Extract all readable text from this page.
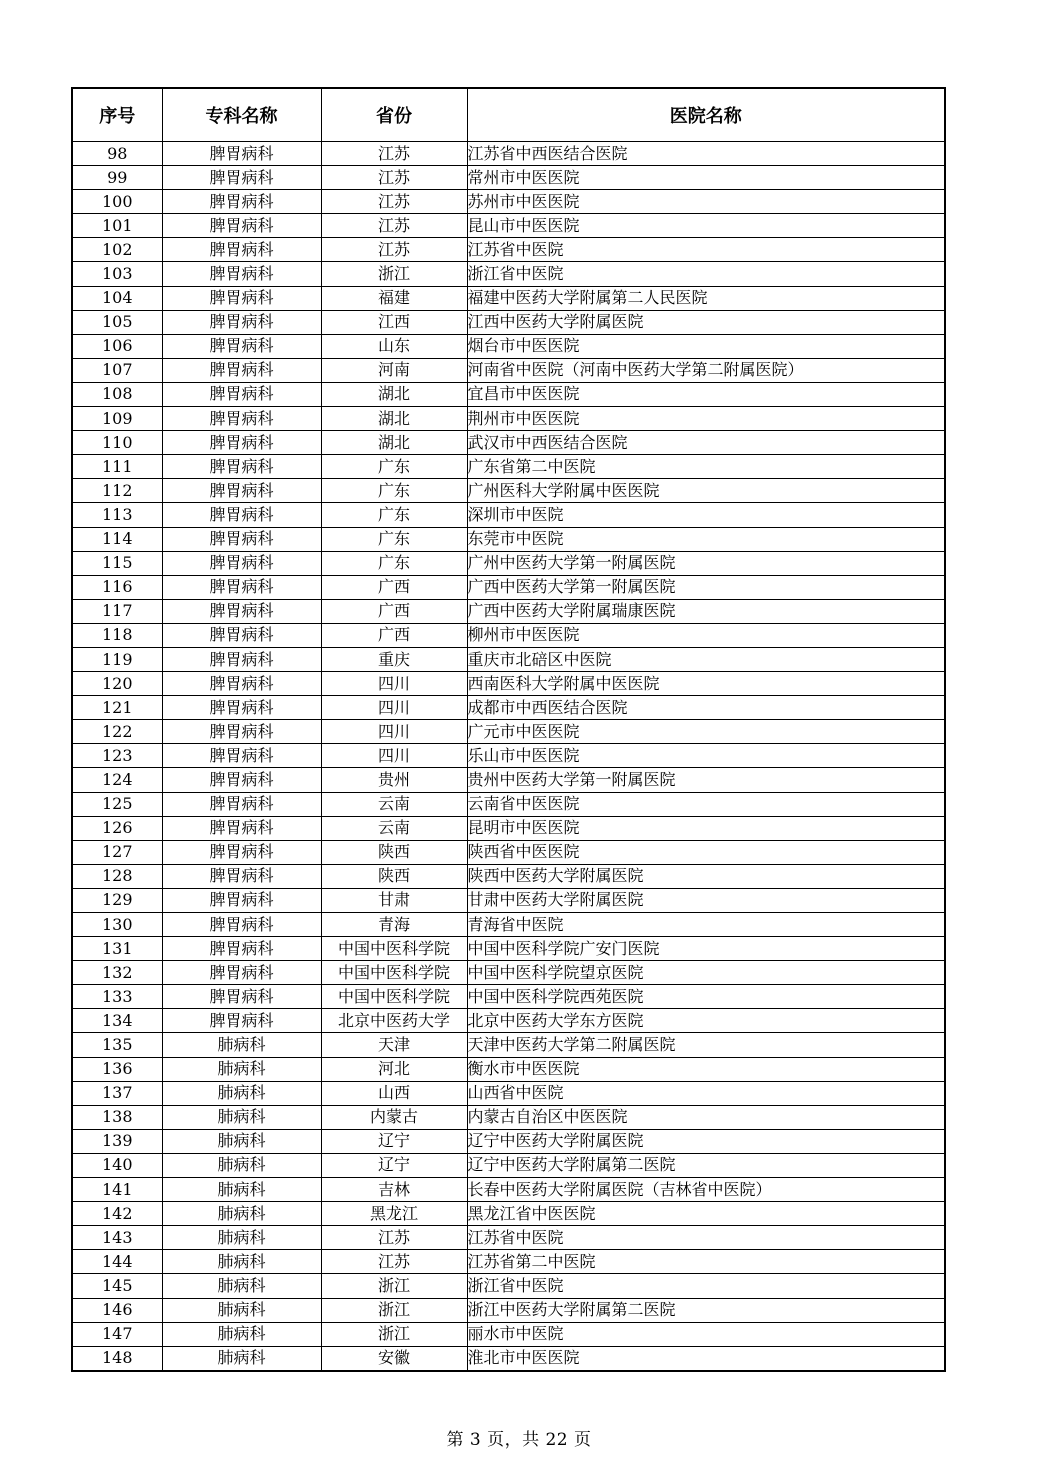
序号	专科名称	省份	医院名称
98	脾胃病科	江苏	江苏省中西医结合医院
99	脾胃病科	江苏	常州市中医医院
100	脾胃病科	江苏	苏州市中医医院
101	脾胃病科	江苏	昆山市中医医院
102	脾胃病科	江苏	江苏省中医院
103	脾胃病科	浙江	浙江省中医院
104	脾胃病科	福建	福建中医药大学附属第二人民医院
105	脾胃病科	江西	江西中医药大学附属医院
106	脾胃病科	山东	烟台市中医医院
107	脾胃病科	河南	河南省中医院（河南中医药大学第二附属医院）
108	脾胃病科	湖北	宜昌市中医医院
109	脾胃病科	湖北	荆州市中医医院
110	脾胃病科	湖北	武汉市中西医结合医院
111	脾胃病科	广东	广东省第二中医院
112	脾胃病科	广东	广州医科大学附属中医医院
113	脾胃病科	广东	深圳市中医院
114	脾胃病科	广东	东莞市中医院
115	脾胃病科	广东	广州中医药大学第一附属医院
116	脾胃病科	广西	广西中医药大学第一附属医院
117	脾胃病科	广西	广西中医药大学附属瑞康医院
118	脾胃病科	广西	柳州市中医医院
119	脾胃病科	重庆	重庆市北碚区中医院
120	脾胃病科	四川	西南医科大学附属中医医院
121	脾胃病科	四川	成都市中西医结合医院
122	脾胃病科	四川	广元市中医医院
123	脾胃病科	四川	乐山市中医医院
124	脾胃病科	贵州	贵州中医药大学第一附属医院
125	脾胃病科	云南	云南省中医医院
126	脾胃病科	云南	昆明市中医医院
127	脾胃病科	陕西	陕西省中医医院
128	脾胃病科	陕西	陕西中医药大学附属医院
129	脾胃病科	甘肃	甘肃中医药大学附属医院
130	脾胃病科	青海	青海省中医院
131	脾胃病科	中国中医科学院	中国中医科学院广安门医院
132	脾胃病科	中国中医科学院	中国中医科学院望京医院
133	脾胃病科	中国中医科学院	中国中医科学院西苑医院
134	脾胃病科	北京中医药大学	北京中医药大学东方医院
135	肺病科	天津	天津中医药大学第二附属医院
136	肺病科	河北	衡水市中医医院
137	肺病科	山西	山西省中医院
138	肺病科	内蒙古	内蒙古自治区中医医院
139	肺病科	辽宁	辽宁中医药大学附属医院
140	肺病科	辽宁	辽宁中医药大学附属第二医院
141	肺病科	吉林	长春中医药大学附属医院（吉林省中医院）
142	肺病科	黑龙江	黑龙江省中医医院
143	肺病科	江苏	江苏省中医院
144	肺病科	江苏	江苏省第二中医院
145	肺病科	浙江	浙江省中医院
146	肺病科	浙江	浙江中医药大学附属第二医院
147	肺病科	浙江	丽水市中医院
148	肺病科	安徽	淮北市中医医院
第 3 页，共 22 页
